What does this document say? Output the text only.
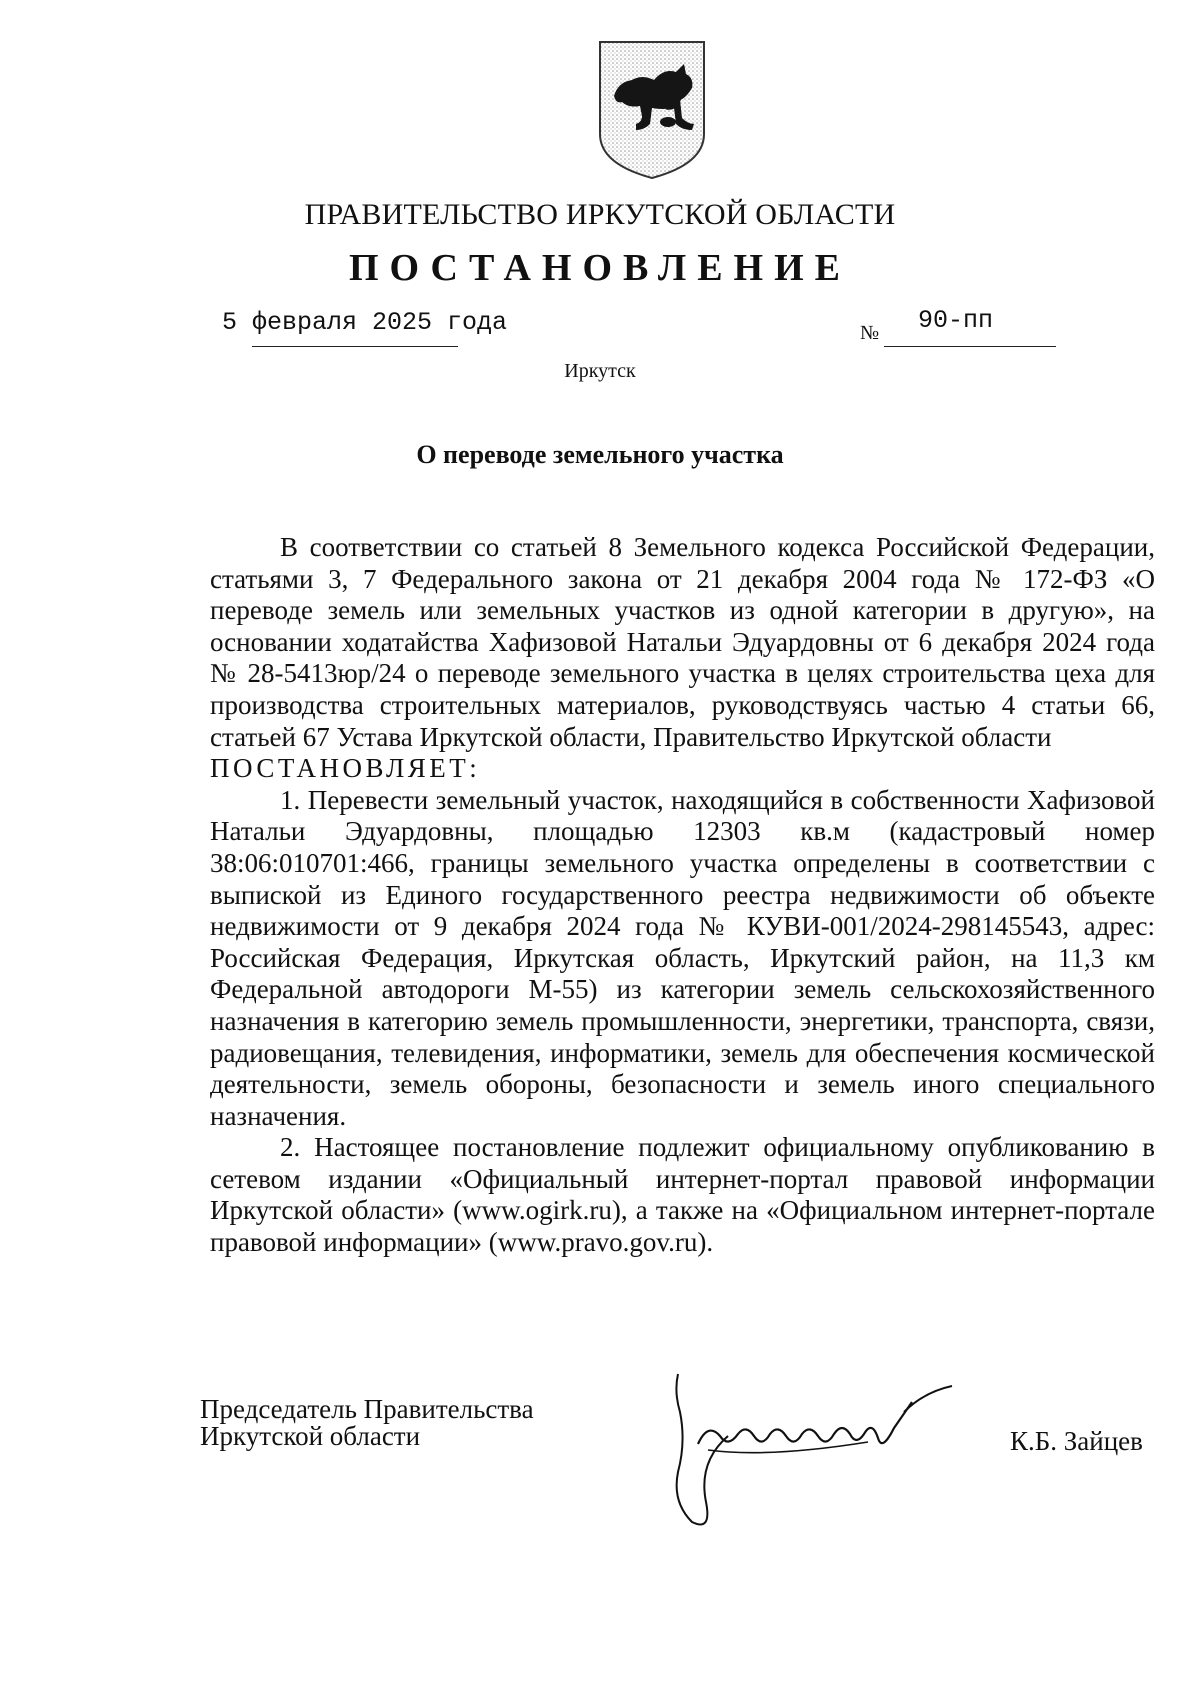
ПРАВИТЕЛЬСТВО ИРКУТСКОЙ ОБЛАСТИ
ПОСТАНОВЛЕНИЕ
5 февраля 2025 года	№ 90-пп
Иркутск
О переводе земельного участка

В соответствии со статьей 8 Земельного кодекса Российской Федерации, статьями 3, 7 Федерального закона от 21 декабря 2004 года № 172-ФЗ «О переводе земель или земельных участков из одной категории в другую», на основании ходатайства Хафизовой Натальи Эдуардовны от 6 декабря 2024 года № 28-5413юр/24 о переводе земельного участка в целях строительства цеха для производства строительных материалов, руководствуясь частью 4 статьи 66, статьей 67 Устава Иркутской области, Правительство Иркутской области

ПОСТАНОВЛЯЕТ:

1. Перевести земельный участок, находящийся в собственности Хафизовой Натальи Эдуардовны, площадью 12303 кв.м (кадастровый номер 38:06:010701:466, границы земельного участка определены в соответствии с выпиской из Единого государственного реестра недвижимости об объекте недвижимости от 9 декабря 2024 года № КУВИ-001/2024-298145543, адрес: Российская Федерация, Иркутская область, Иркутский район, на 11,3 км Федеральной автодороги М-55) из категории земель сельскохозяйственного назначения в категорию земель промышленности, энергетики, транспорта, связи, радиовещания, телевидения, информатики, земель для обеспечения космической деятельности, земель обороны, безопасности и земель иного специального назначения.

2. Настоящее постановление подлежит официальному опубликованию в сетевом издании «Официальный интернет-портал правовой информации Иркутской области» (www.ogirk.ru), а также на «Официальном интернет-портале правовой информации» (www.pravo.gov.ru).

Председатель Правительства
Иркутской области	К.Б. Зайцев
